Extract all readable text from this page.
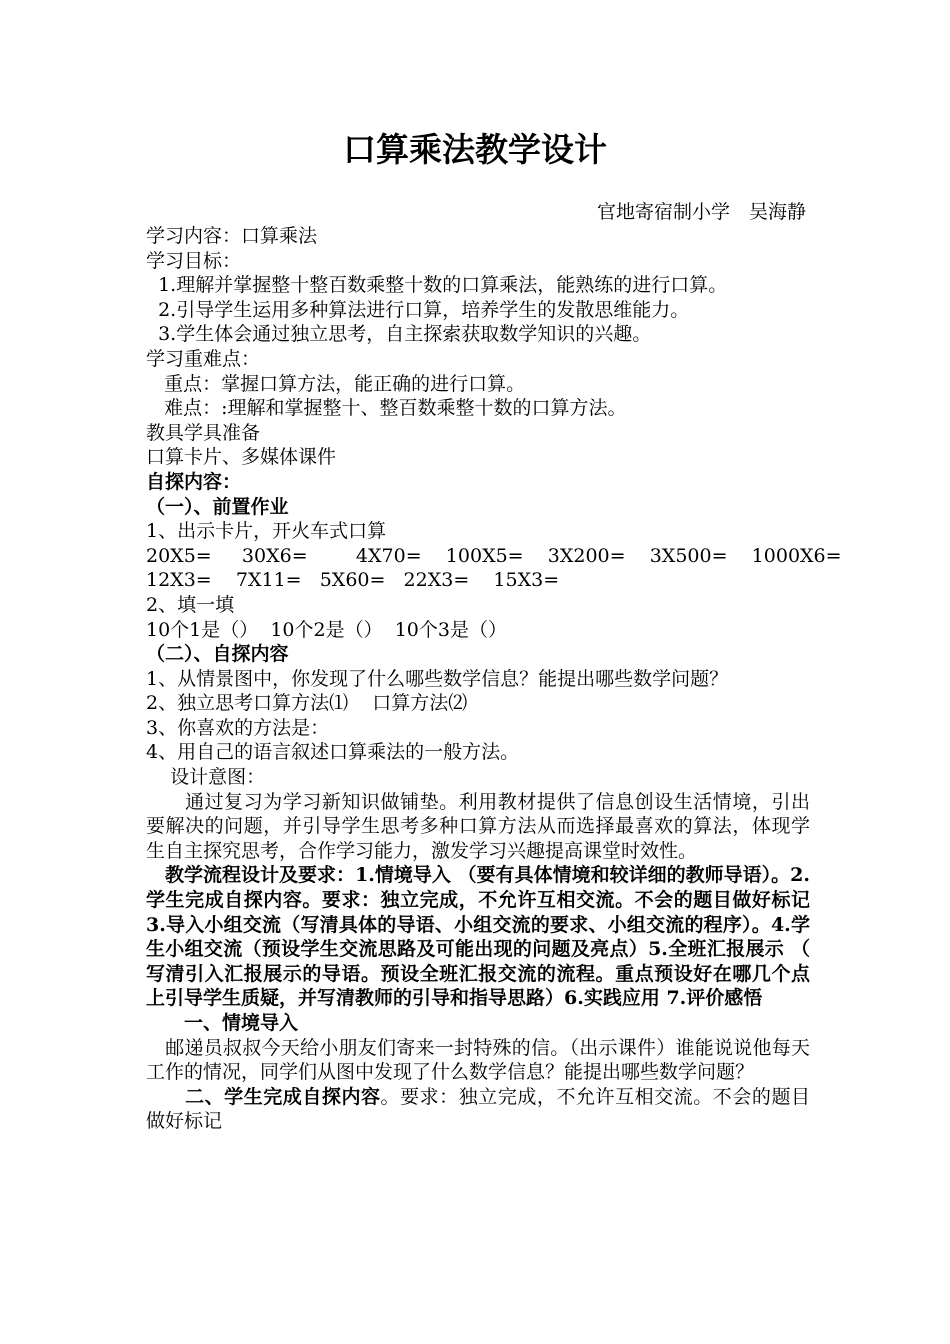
口算乘法教学设计
官地寄宿制小学　吴海静
学习内容：口算乘法
学习目标：
1.理解并掌握整十整百数乘整十数的口算乘法，能熟练的进行口算。
2.引导学生运用多种算法进行口算，培养学生的发散思维能力。
3.学生体会通过独立思考，自主探索获取数学知识的兴趣。
学习重难点：
重点：掌握口算方法，能正确的进行口算。
难点：:理解和掌握整十、整百数乘整十数的口算方法。
教具学具准备
口算卡片、多媒体课件
自探内容：
（一）、前置作业
1、出示卡片，开火车式口算
20X5=     30X6=        4X70=    100X5=    3X200=    3X500=    1000X6=
12X3=    7X11=   5X60=   22X3=    15X3=
2、填一填
10个1是（）  10个2是（）  10个3是（）
（二）、自探内容
1、从情景图中，你发现了什么哪些数学信息？能提出哪些数学问题？
2、独立思考口算方法⑴    口算方法⑵
3、你喜欢的方法是：
4、用自己的语言叙述口算乘法的一般方法。
设计意图：
　　通过复习为学习新知识做铺垫。利用教材提供了信息创设生活情境，引出要解决的问题，并引导学生思考多种口算方法从而选择最喜欢的算法，体现学生自主探究思考，合作学习能力，激发学习兴趣提高课堂时效性。
　教学流程设计及要求：1.情境导入 （要有具体情境和较详细的教师导语）。2.学生完成自探内容。要求：独立完成，不允许互相交流。不会的题目做好标记 3.导入小组交流（写清具体的导语、小组交流的要求、小组交流的程序）。4.学生小组交流（预设学生交流思路及可能出现的问题及亮点）5.全班汇报展示 （ 写清引入汇报展示的导语。预设全班汇报交流的流程。重点预设好在哪几个点上引导学生质疑，并写清教师的引导和指导思路）6.实践应用 7.评价感悟
　　一、情境导入
　邮递员叔叔今天给小朋友们寄来一封特殊的信。（出示课件）谁能说说他每天工作的情况，同学们从图中发现了什么数学信息？能提出哪些数学问题？
　　二、学生完成自探内容。要求：独立完成，不允许互相交流。不会的题目做好标记
